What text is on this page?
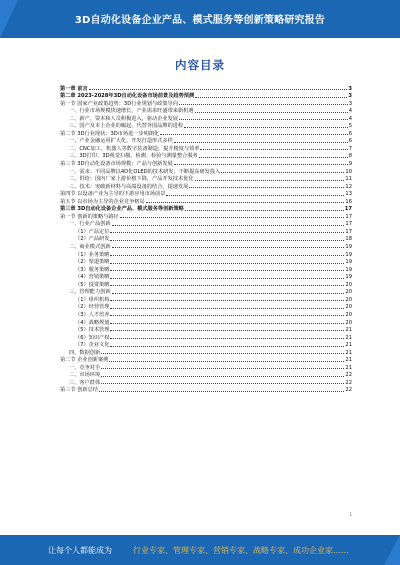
3D自动化设备企业产品、模式服务等创新策略研究报告
内容目录
第一章 前言	3
第二章 2023-2028年3D自动化设备市场前景及趋势预测	3
第一节 国家产业政策趋势：3D行业规划与政策导向	3
一、行业市场规模快速增长，产业需求旺盛带来新机遇	4
二、新产、资本和人员积极进入，驱动企业发展	4
三、国产及本土企业的崛起，代替外国品牌的进程	5
第二节 3D行业现状：3D市场进一步明朗化	6
一、产业金融运用扩大化，开发打造形式多样	6
二、CNC加工、机器人等数字装备制造，提升精度与效率	7
三、3D打印、3D视觉扫描、检测、检验与测量整合服务	8
第三节 3D自动化设备市场规模：产品与创新发展	9
一、需求：不同品牌以4D化OLED的技术研发，不断提高研发投入	10
二、供给：国内厂家上游价格下降，产品开发技术优化	11
三、技术：突破新材料与高端设备的结合，提速发展	12
第四节 以设备产业为主导的下游应用市场前景	13
第五节 以市场为主导的企业竞争格局	16
第三章 3D自动化设备企业产品、模式服务等创新策略	17
第一节 创新的策略与路径	17
一、行业产品创新	17
（1）产品定位	17
（2）产品研发	18
二、商业模式创新	19
（1）业务策略	19
（2）渠道策略	19
（3）服务策略	19
（4）营销策略	19
（5）投资策略	20
三、管理能力创新	20
（1）组织机构	20
（2）经营管理	20
（3）人才培养	20
（4）战略规划	20
（5）技术管理	21
（6）知识产权	21
（7）企业文化	21
四、数据创新	21
第二节 企业创新案例	21
一、竞争对手	21
二、市场环境	22
三、客户群体	22
第三节 创新总结	22
1
让每个人都能成为	行业专家、管理专家、营销专家、战略专家、成功企业家……
